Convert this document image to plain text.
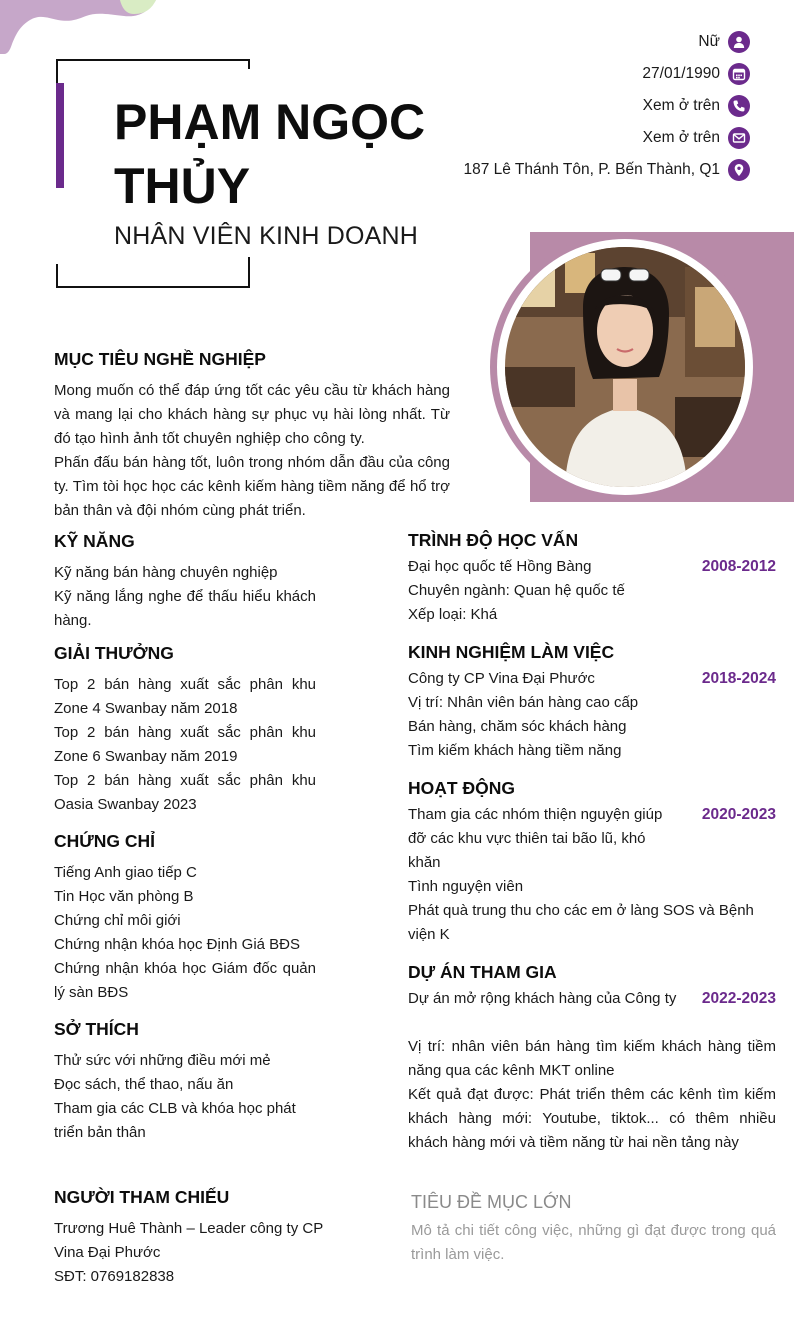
PHẠM NGỌC THỦY
NHÂN VIÊN KINH DOANH
Nữ
27/01/1990
Xem ở trên
Xem ở trên
187 Lê Thánh Tôn, P. Bến Thành, Q1
MỤC TIÊU NGHỀ NGHIỆP
Mong muốn có thể đáp ứng tốt các yêu cầu từ khách hàng và mang lại cho khách hàng sự phục vụ hài lòng nhất. Từ đó tạo hình ảnh tốt chuyên nghiệp cho công ty.
Phấn đấu bán hàng tốt, luôn trong nhóm dẫn đầu của công ty. Tìm tòi học học các kênh kiếm hàng tiềm năng để hổ trợ bản thân và đội nhóm cùng phát triển.
KỸ NĂNG
Kỹ năng bán hàng chuyên nghiệp
Kỹ năng lắng nghe để thấu hiểu khách hàng.
GIẢI THƯỞNG
Top 2 bán hàng xuất sắc phân khu Zone 4 Swanbay năm 2018
Top 2 bán hàng xuất sắc phân khu Zone 6 Swanbay năm 2019
Top 2 bán hàng xuất sắc phân khu Oasia Swanbay 2023
CHỨNG CHỈ
Tiếng Anh giao tiếp C
Tin Học văn phòng B
Chứng chỉ môi giới
Chứng nhận khóa học Định Giá BĐS
Chứng nhận khóa học Giám đốc quản lý sàn BĐS
SỞ THÍCH
Thử sức với những điều mới mẻ
Đọc sách, thể thao, nấu ăn
Tham gia các CLB và khóa học phát triển bản thân
NGƯỜI THAM CHIẾU
Trương Huê Thành – Leader công ty CP Vina Đại Phước
SĐT: 0769182838
TRÌNH ĐỘ HỌC VẤN
2008-2012
Đại học quốc tế Hồng Bàng
Chuyên ngành: Quan hệ quốc tế
Xếp loại: Khá
KINH NGHIỆM LÀM VIỆC
2018-2024
Công ty CP Vina Đại Phước
Vị trí: Nhân viên bán hàng cao cấp
Bán hàng, chăm sóc khách hàng
Tìm kiếm khách hàng tiềm năng
HOẠT ĐỘNG
2020-2023
Tham gia các nhóm thiện nguyện giúp đỡ các khu vực thiên tai bão lũ, khó khăn
Tình nguyện viên
Phát quà trung thu cho các em ở làng SOS và Bệnh viện K
DỰ ÁN THAM GIA
2022-2023
Dự án mở rộng khách hàng của Công ty
Vị trí: nhân viên bán hàng tìm kiếm khách hàng tiềm năng qua các kênh MKT online
Kết quả đạt được: Phát triển thêm các kênh tìm kiếm khách hàng mới: Youtube, tiktok... có thêm nhiều khách hàng mới và tiềm năng từ hai nền tảng này
TIÊU ĐỀ MỤC LỚN
Mô tả chi tiết công việc, những gì đạt được trong quá trình làm việc.
